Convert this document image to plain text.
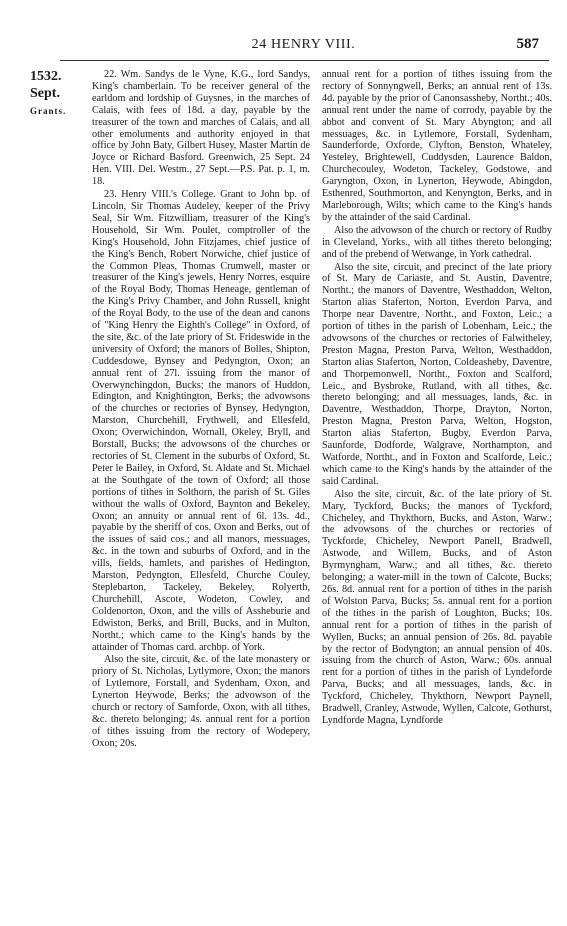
24 HENRY VIII.	587
1532.
Sept.
Grants.

22. Wm. Sandys de le Vyne, K.G., lord Sandys, King's chamberlain. To be receiver general of the earldom and lordship of Guysnes, in the marches of Calais, with fees of 18d. a day, payable by the treasurer of the town and marches of Calais, and all other emoluments and authority enjoyed in that office by John Baty, Gilbert Husey, Master Martin de Joyce or Richard Basford. Greenwich, 25 Sept. 24 Hen. VIII. Del. Westm., 27 Sept.—P.S. Pat. p. 1, m. 18.

23. Henry VIII.'s College. Grant to John bp. of Lincoln, Sir Thomas Audeley, keeper of the Privy Seal, Sir Wm. Fitzwilliam, treasurer of the King's Household, Sir Wm. Poulet, comptroller of the King's Household, John Fitzjames, chief justice of the King's Bench, Robert Norwiche, chief justice of the Common Pleas, Thomas Crumwell, master or treasurer of the King's jewels, Henry Norres, esquire of the Royal Body, Thomas Heneage, gentleman of the King's Privy Chamber, and John Russell, knight of the Royal Body, to the use of the dean and canons of "King Henry the Eighth's College" in Oxford, of the site, &c. of the late priory of St. Frideswide in the university of Oxford; the manors of Bolles, Shipton, Cuddesdowe, Bynsey and Pedyngton, Oxon; an annual rent of 27l. issuing from the manor of Overwynchingdon, Bucks; the manors of Huddon, Edington, and Knightington, Berks; the advowsons of the churches or rectories of Bynsey, Hedyngton, Marston, Churchehill, Frythwell, and Ellesfeld, Oxon; Overwichindon, Wornall, Okeley, Bryll, and Borstall, Bucks; the advowsons of the churches or rectories of St. Clement in the suburbs of Oxford, St. Peter le Bailey, in Oxford, St. Aldate and St. Michael at the Southgate of the town of Oxford; all those portions of tithes in Solthorn, the parish of St. Giles without the walls of Oxford, Baynton and Bekeley, Oxon; an annuity or annual rent of 6l. 13s. 4d., payable by the sheriff of cos. Oxon and Berks, out of the issues of said cos.; and all manors, messuages, &c. in the town and suburbs of Oxford, and in the vills, fields, hamlets, and parishes of Hedington, Marston, Pedyngton, Ellesfeld, Churche Couley, Steplebarton, Tackeley, Bekeley, Rolyerth, Churchehill, Ascote, Wodeton, Cowley, and Coldenorton, Oxon, and the vills of Assheburie and Edwiston, Berks, and Brill, Bucks, and in Multon, Northt.; which came to the King's hands by the attainder of Thomas card. archbp. of York.

Also the site, circuit, &c. of the late monastery or priory of St. Nicholas, Lytlymore, Oxon; the manors of Lytlemore, Forstall, and Sydenham, Oxon, and Lynerton Heywode, Berks; the advowson of the church or rectory of Samforde, Oxon, with all tithes, &c. thereto belonging; 4s. annual rent for a portion of tithes issuing from the rectory of Wodepery, Oxon; 20s.

annual rent for a portion of tithes issuing from the rectory of Sonnyngwell, Berks; an annual rent of 13s. 4d. payable by the prior of Canonsassheby, Northt.; 40s. annual rent under the name of corrody, payable by the abbot and convent of St. Mary Abyngton; and all messuages, &c. in Lytlemore, Forstall, Sydenham, Saunderforde, Oxforde, Clyfton, Benston, Whateley, Yesteley, Brightewell, Cuddysden, Laurence Baldon, Churchecouley, Wodeton, Tackeley, Godstowe, and Garyngton, Oxon, in Lynerton, Heywode, Abingdon, Esthenred, Southmorton, and Kenyngton, Berks, and in Marleborough, Wilts; which came to the King's hands by the attainder of the said Cardinal.

Also the advowson of the church or rectory of Rudby in Cleveland, Yorks., with all tithes thereto belonging; and of the prebend of Wetwange, in York cathedral.

Also the site, circuit, and precinct of the late priory of St. Mary de Cariaste, and St. Austin, Daventre, Northt.; the manors of Daventre, Westhaddon, Welton, Starton alias Staferton, Norton, Everdon Parva, and Thorpe near Daventre, Northt., and Foxton, Leic.; a portion of tithes in the parish of Lobenham, Leic.; the advowsons of the churches or rectories of Falwitheley, Preston Magna, Preston Parva, Welton, Westhaddon, Starton alias Staferton, Norton, Coldeasheby, Daventre, and Thorpemonwell, Northt., Foxton and Scalford, Leic., and Bysbroke, Rutland, with all tithes, &c. thereto belonging; and all messuages, lands, &c. in Daventre, Westhaddon, Thorpe, Drayton, Norton, Preston Magna, Preston Parva, Welton, Hogston, Starton alias Staferton, Bugby, Everdon Parva, Saunforde, Dodforde, Walgrave, Northampton, and Watforde, Northt., and in Foxton and Scalforde, Leic.; which came to the King's hands by the attainder of the said Cardinal.

Also the site, circuit, &c. of the late priory of St. Mary, Tyckford, Bucks; the manors of Tyckford, Chicheley, and Thykthorn, Bucks, and Aston, Warw.; the advowsons of the churches or rectories of Tyckforde, Chicheley, Newport Panell, Bradwell, Astwode, and Willem, Bucks, and of Aston Byrmyngham, Warw.; and all tithes, &c. thereto belonging; a water-mill in the town of Calcote, Bucks; 26s. 8d. annual rent for a portion of tithes in the parish of Wolston Parva, Bucks; 5s. annual rent for a portion of the tithes in the parish of Loughton, Bucks; 10s. annual rent for a portion of tithes in the parish of Wyllen, Bucks; an annual pension of 26s. 8d. payable by the rector of Bodyngton; an annual pension of 40s. issuing from the church of Aston, Warw.; 60s. annual rent for a portion of tithes in the parish of Lyndeforde Parva, Bucks; and all messuages, lands, &c. in Tyckford, Chicheley, Thykthorn, Newport Paynell, Bradwell, Cranley, Astwode, Wyllen, Calcote, Gothurst, Lyndforde Magna, Lyndforde
